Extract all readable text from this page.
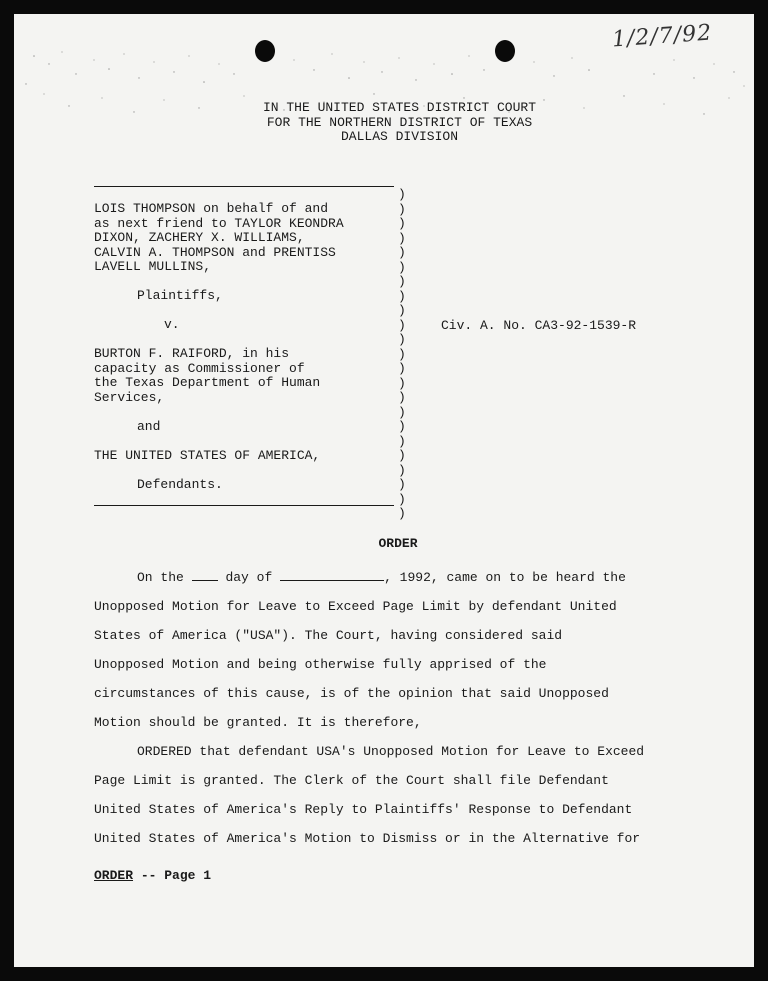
1/2/7/92
IN THE UNITED STATES DISTRICT COURT
FOR THE NORTHERN DISTRICT OF TEXAS
DALLAS DIVISION
LOIS THOMPSON on behalf of and
as next friend to TAYLOR KEONDRA
DIXON, ZACHERY X. WILLIAMS,
CALVIN A. THOMPSON and PRENTISS
LAVELL MULLINS,

Plaintiffs,

v.

BURTON F. RAIFORD, in his
capacity as Commissioner of
the Texas Department of Human
Services,

and

THE UNITED STATES OF AMERICA,

Defendants.
)
)
)
)
)
)
)
)
)
)
)
)
)
)
)
)
)
)
)
)
)
)
)
Civ. A. No. CA3-92-1539-R
ORDER

On the	day of	, 1992, came on to be heard the

Unopposed Motion for Leave to Exceed Page Limit by defendant United

States of America ("USA"). The Court, having considered said

Unopposed Motion and being otherwise fully apprised of the

circumstances of this cause, is of the opinion that said Unopposed

Motion should be granted. It is therefore,

ORDERED that defendant USA's Unopposed Motion for Leave to Exceed

Page Limit is granted. The Clerk of the Court shall file Defendant

United States of America's Reply to Plaintiffs' Response to Defendant

United States of America's Motion to Dismiss or in the Alternative for

ORDER -- Page 1
